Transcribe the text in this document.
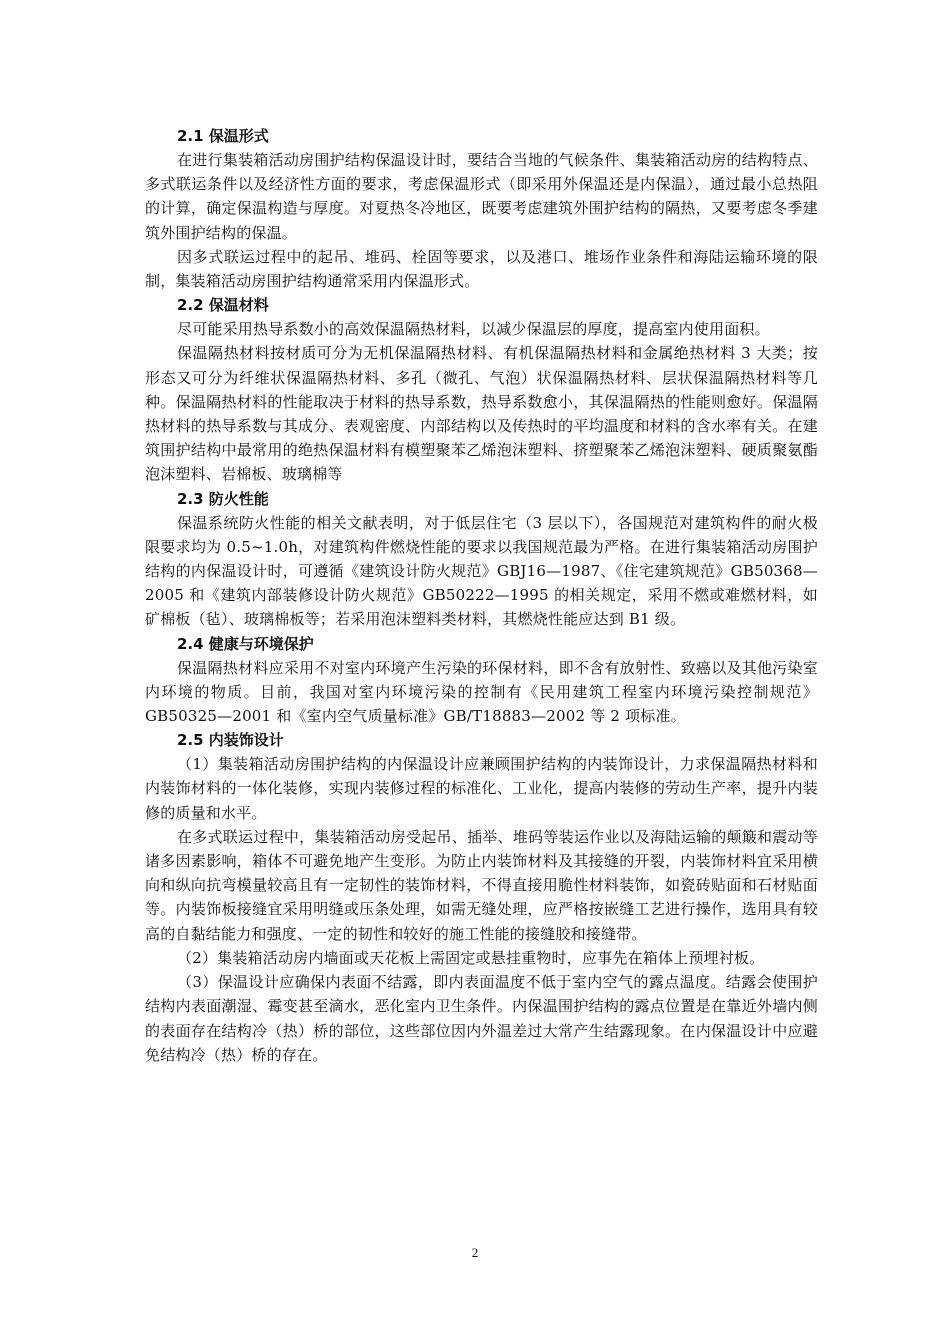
2.1 保温形式

在进行集装箱活动房围护结构保温设计时，要结合当地的气候条件、集装箱活动房的结构特点、多式联运条件以及经济性方面的要求，考虑保温形式（即采用外保温还是内保温），通过最小总热阻的计算，确定保温构造与厚度。对夏热冬冷地区，既要考虑建筑外围护结构的隔热，又要考虑冬季建筑外围护结构的保温。

因多式联运过程中的起吊、堆码、栓固等要求，以及港口、堆场作业条件和海陆运输环境的限制，集装箱活动房围护结构通常采用内保温形式。

2.2 保温材料

尽可能采用热导系数小的高效保温隔热材料，以减少保温层的厚度，提高室内使用面积。

保温隔热材料按材质可分为无机保温隔热材料、有机保温隔热材料和金属绝热材料 3 大类；按形态又可分为纤维状保温隔热材料、多孔（微孔、气泡）状保温隔热材料、层状保温隔热材料等几种。保温隔热材料的性能取决于材料的热导系数，热导系数愈小，其保温隔热的性能则愈好。保温隔热材料的热导系数与其成分、表观密度、内部结构以及传热时的平均温度和材料的含水率有关。在建筑围护结构中最常用的绝热保温材料有模塑聚苯乙烯泡沫塑料、挤塑聚苯乙烯泡沫塑料、硬质聚氨酯泡沫塑料、岩棉板、玻璃棉等

2.3 防火性能

保温系统防火性能的相关文献表明，对于低层住宅（3 层以下），各国规范对建筑构件的耐火极限要求均为 0.5~1.0h，对建筑构件燃烧性能的要求以我国规范最为严格。在进行集装箱活动房围护结构的内保温设计时，可遵循《建筑设计防火规范》GBJ16—1987、《住宅建筑规范》GB50368—2005 和《建筑内部装修设计防火规范》GB50222—1995 的相关规定，采用不燃或难燃材料，如矿棉板（毡）、玻璃棉板等；若采用泡沫塑料类材料，其燃烧性能应达到 B1 级。

2.4 健康与环境保护

保温隔热材料应采用不对室内环境产生污染的环保材料，即不含有放射性、致癌以及其他污染室内环境的物质。目前，我国对室内环境污染的控制有《民用建筑工程室内环境污染控制规范》GB50325—2001 和《室内空气质量标准》GB/T18883—2002 等 2 项标准。

2.5 内装饰设计

（1）集装箱活动房围护结构的内保温设计应兼顾围护结构的内装饰设计，力求保温隔热材料和内装饰材料的一体化装修，实现内装修过程的标准化、工业化，提高内装修的劳动生产率，提升内装修的质量和水平。

在多式联运过程中，集装箱活动房受起吊、插举、堆码等装运作业以及海陆运输的颠簸和震动等诸多因素影响，箱体不可避免地产生变形。为防止内装饰材料及其接缝的开裂，内装饰材料宜采用横向和纵向抗弯模量较高且有一定韧性的装饰材料，不得直接用脆性材料装饰，如瓷砖贴面和石材贴面等。内装饰板接缝宜采用明缝或压条处理，如需无缝处理，应严格按嵌缝工艺进行操作，选用具有较高的自黏结能力和强度、一定的韧性和较好的施工性能的接缝胶和接缝带。

（2）集装箱活动房内墙面或天花板上需固定或悬挂重物时，应事先在箱体上预埋衬板。

（3）保温设计应确保内表面不结露，即内表面温度不低于室内空气的露点温度。结露会使围护结构内表面潮湿、霉变甚至滴水，恶化室内卫生条件。内保温围护结构的露点位置是在靠近外墙内侧的表面存在结构冷（热）桥的部位，这些部位因内外温差过大常产生结露现象。在内保温设计中应避免结构冷（热）桥的存在。

2
